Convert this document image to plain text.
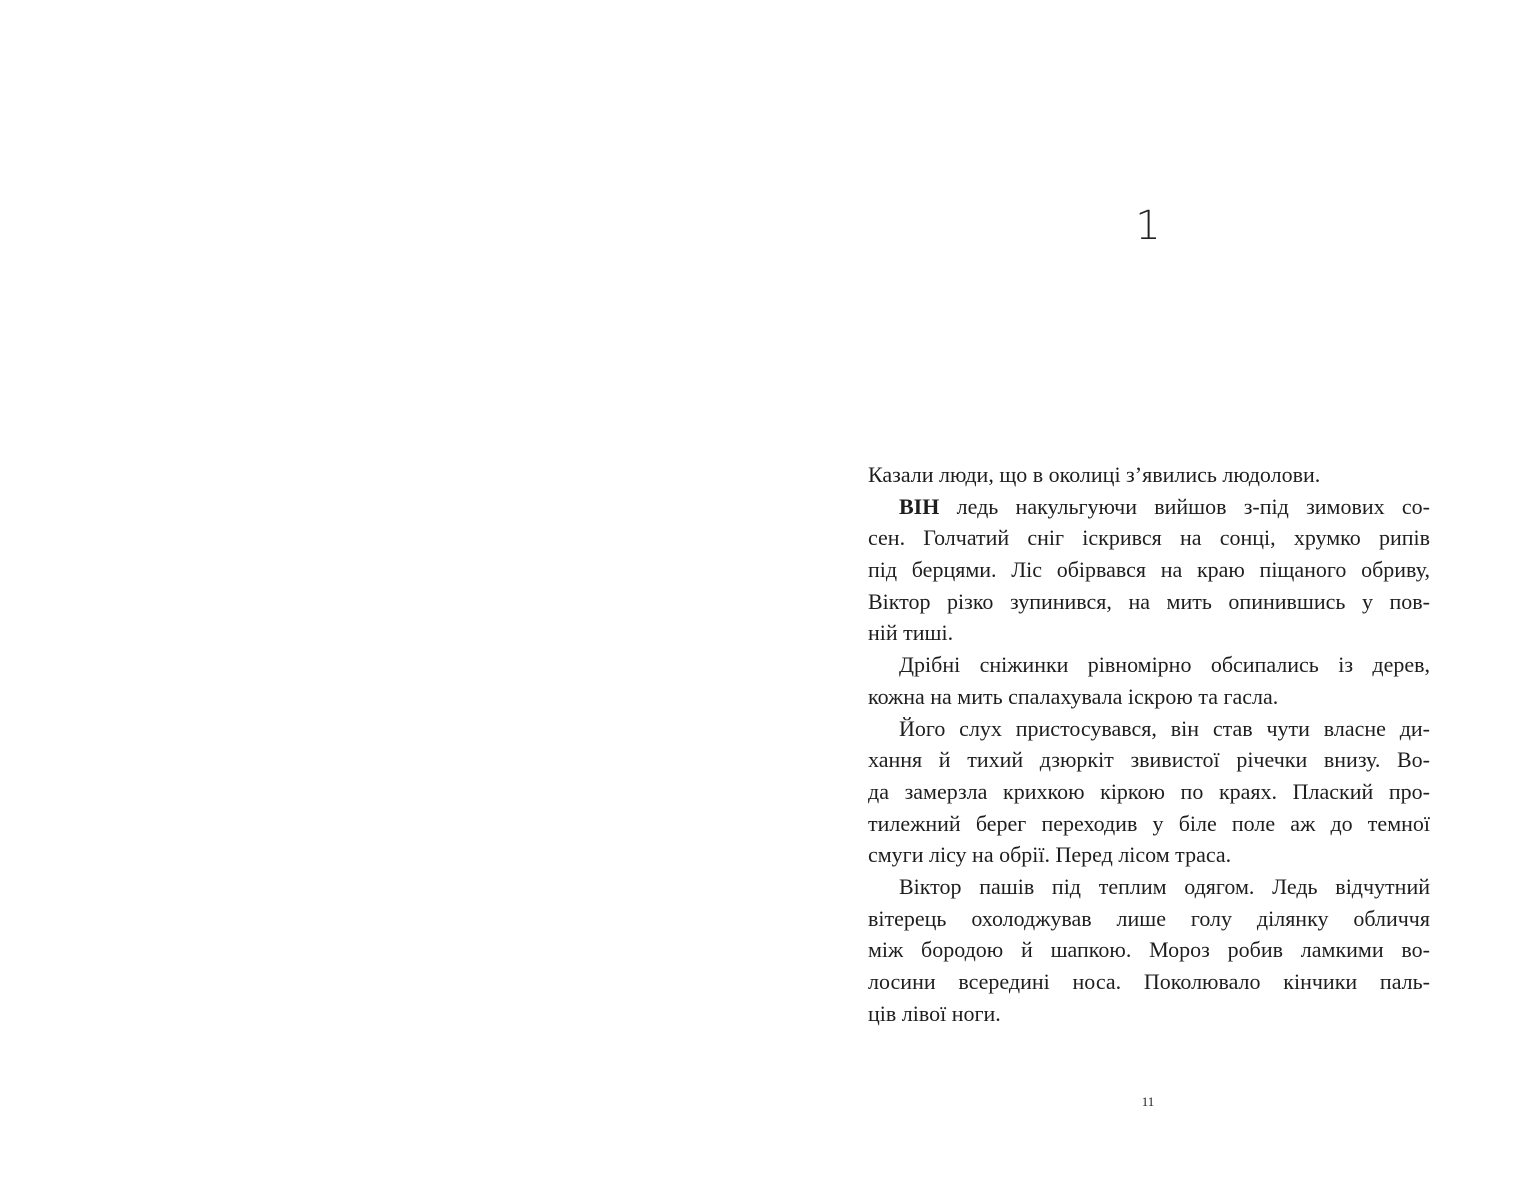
1
Казали люди, що в околиці з’явились людолови.
ВІН ледь накульгуючи вийшов з-під зимових со-
сен. Голчатий сніг іскрився на сонці, хрумко рипів
під берцями. Ліс обірвався на краю піщаного обриву,
Віктор різко зупинився, на мить опинившись у пов-
ній тиші.
Дрібні сніжинки рівномірно обсипались із дерев,
кожна на мить спалахувала іскрою та гасла.
Його слух пристосувався, він став чути власне ди-
хання й тихий дзюркіт звивистої річечки внизу. Во-
да замерзла крихкою кіркою по краях. Плаский про-
тилежний берег переходив у біле поле аж до темної
смуги лісу на обрії. Перед лісом траса.
Віктор пашів під теплим одягом. Ледь відчутний
вітерець охолоджував лише голу ділянку обличчя
між бородою й шапкою. Мороз робив ламкими во-
лосини всередині носа. Поколювало кінчики паль-
ців лівої ноги.
11
